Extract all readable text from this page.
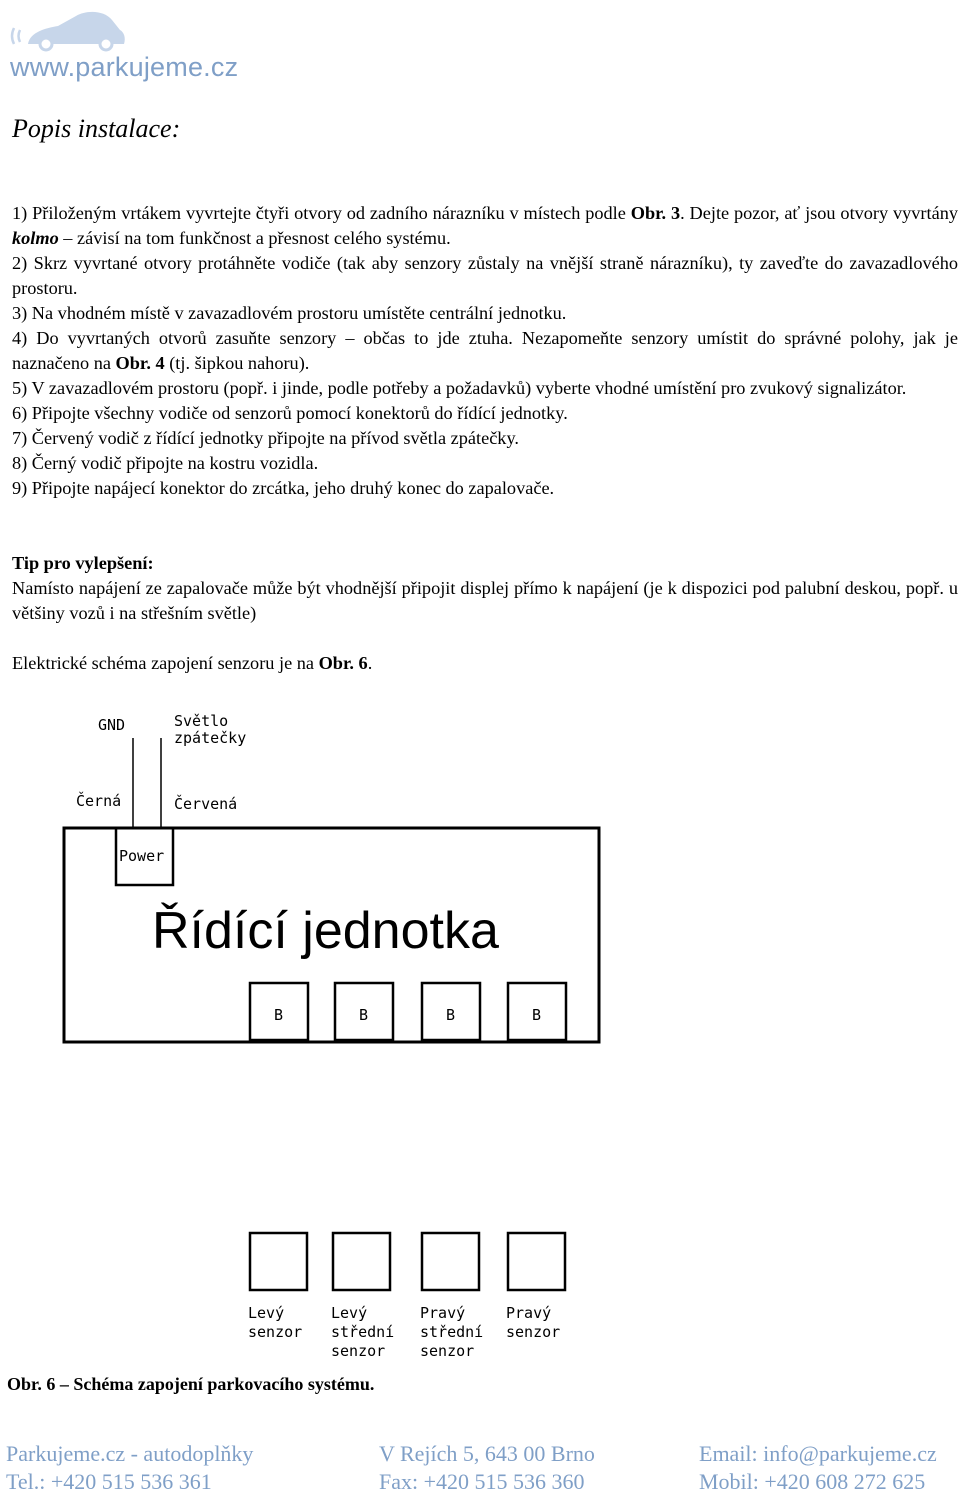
www.parkujeme.cz
Popis instalace:

1) Přiloženým vrtákem vyvrtejte čtyři otvory od zadního nárazníku v místech podle Obr. 3. Dejte pozor, ať jsou otvory vyvrtány kolmo – závisí na tom funkčnost a přesnost celého systému.

2) Skrz vyvrtané otvory protáhněte vodiče (tak aby senzory zůstaly na vnější straně nárazníku), ty zaveďte do zavazadlového prostoru.

3) Na vhodném místě v zavazadlovém prostoru umístěte centrální jednotku.

4) Do vyvrtaných otvorů zasuňte senzory – občas to jde ztuha. Nezapomeňte senzory umístit do správné polohy, jak je naznačeno na Obr. 4 (tj. šipkou nahoru).

5) V zavazadlovém prostoru (popř. i jinde, podle potřeby a požadavků) vyberte vhodné umístění pro zvukový signalizátor.

6) Připojte všechny vodiče od senzorů pomocí konektorů do řídící jednotky.

7) Červený vodič z řídící jednotky připojte na přívod světla zpátečky.

8) Černý vodič připojte na kostru vozidla.

9) Připojte napájecí konektor do zrcátka, jeho druhý konec do zapalovače.

Tip pro vylepšení:

Namísto napájení ze zapalovače může být vhodnější připojit displej přímo k napájení (je k dispozici pod palubní deskou, popř. u většiny vozů i na střešním světle)

Elektrické schéma zapojení senzoru je na Obr. 6.

GND	Světlo
zpátečky
Černá	Červená
Power
Řídící jednotka
B	B	B	B
Levý
senzor
Levý
střední
senzor
Pravý
střední
senzor
Pravý
senzor

Obr. 6 – Schéma zapojení parkovacího systému.

Parkujeme.cz - autodoplňky
Tel.: +420 515 536 361
V Rejích 5, 643 00 Brno
Fax: +420 515 536 360
Email: info@parkujeme.cz
Mobil: +420 608 272 625
